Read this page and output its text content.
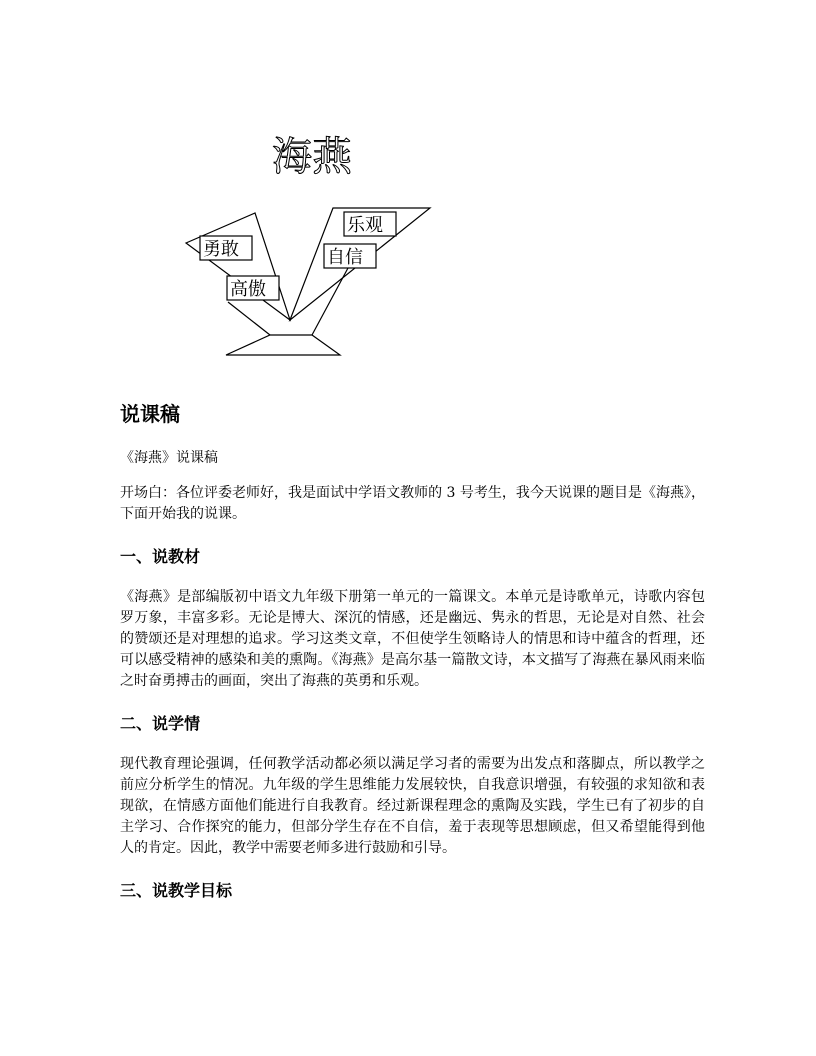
海燕
勇敢
高傲
乐观
自信
说课稿

《海燕》说课稿

开场白：各位评委老师好，我是面试中学语文教师的 3 号考生，我今天说课的题目是《海燕》，下面开始我的说课。

一、说教材

《海燕》是部编版初中语文九年级下册第一单元的一篇课文。本单元是诗歌单元，诗歌内容包罗万象，丰富多彩。无论是博大、深沉的情感，还是幽远、隽永的哲思，无论是对自然、社会的赞颂还是对理想的追求。学习这类文章，不但使学生领略诗人的情思和诗中蕴含的哲理，还可以感受精神的感染和美的熏陶。《海燕》是高尔基一篇散文诗，本文描写了海燕在暴风雨来临之时奋勇搏击的画面，突出了海燕的英勇和乐观。

二、说学情

现代教育理论强调，任何教学活动都必须以满足学习者的需要为出发点和落脚点，所以教学之前应分析学生的情况。九年级的学生思维能力发展较快，自我意识增强，有较强的求知欲和表现欲，在情感方面他们能进行自我教育。经过新课程理念的熏陶及实践，学生已有了初步的自主学习、合作探究的能力，但部分学生存在不自信，羞于表现等思想顾虑，但又希望能得到他人的肯定。因此，教学中需要老师多进行鼓励和引导。

三、说教学目标
